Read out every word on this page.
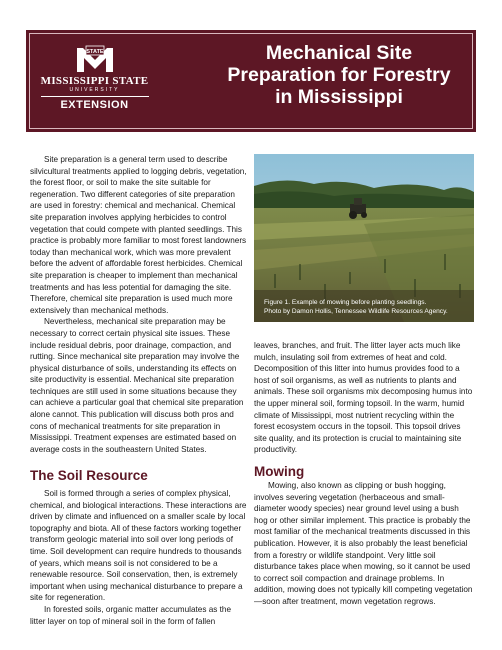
STATE
MISSISSIPPI STATE
UNIVERSITY
EXTENSION
Mechanical Site
Preparation for Forestry
in Mississippi

Site preparation is a general term used to describe silvicultural treatments applied to logging debris, vegetation, the forest floor, or soil to make the site suitable for regeneration. Two different categories of site preparation are used in forestry: chemical and mechanical. Chemical site preparation involves applying herbicides to control vegetation that could compete with planted seedlings. This practice is probably more familiar to most forest landowners today than mechanical work, which was more prevalent before the advent of affordable forest herbicides. Chemical site preparation is cheaper to implement than mechanical treatments and has less potential for damaging the site. Therefore, chemical site preparation is used much more extensively than mechanical methods.

Nevertheless, mechanical site preparation may be necessary to correct certain physical site issues. These include residual debris, poor drainage, compaction, and rutting. Since mechanical site preparation may involve the physical disturbance of soils, understanding its effects on site productivity is essential. Mechanical site preparation techniques are still used in some situations because they can achieve a particular goal that chemical site preparation alone cannot. This publication will discuss both pros and cons of mechanical treatments for site preparation in Mississippi. Treatment expenses are estimated based on average costs in the southeastern United States.

Figure 1. Example of mowing before planting seedlings.
Photo by Damon Hollis, Tennessee Wildlife Resources Agency.

leaves, branches, and fruit. The litter layer acts much like mulch, insulating soil from extremes of heat and cold. Decomposition of this litter into humus provides food to a host of soil organisms, as well as nutrients to plants and animals. These soil organisms mix decomposing humus into the upper mineral soil, forming topsoil. In the warm, humid climate of Mississippi, most nutrient recycling within the forest ecosystem occurs in the topsoil. This topsoil drives site quality, and its protection is crucial to maintaining site productivity.

The Soil Resource

Soil is formed through a series of complex physical, chemical, and biological interactions. These interactions are driven by climate and influenced on a smaller scale by local topography and biota. All of these factors working together transform geologic material into soil over long periods of time. Soil development can require hundreds to thousands of years, which means soil is not considered to be a renewable resource. Soil conservation, then, is extremely important when using mechanical disturbance to prepare a site for regeneration.

In forested soils, organic matter accumulates as the litter layer on top of mineral soil in the form of fallen

Mowing

Mowing, also known as clipping or bush hogging, involves severing vegetation (herbaceous and small-diameter woody species) near ground level using a bush hog or other similar implement. This practice is probably the most familiar of the mechanical treatments discussed in this publication. However, it is also probably the least beneficial from a forestry or wildlife standpoint. Very little soil disturbance takes place when mowing, so it cannot be used to correct soil compaction and drainage problems. In addition, mowing does not typically kill competing vegetation—soon after treatment, mown vegetation regrows.
